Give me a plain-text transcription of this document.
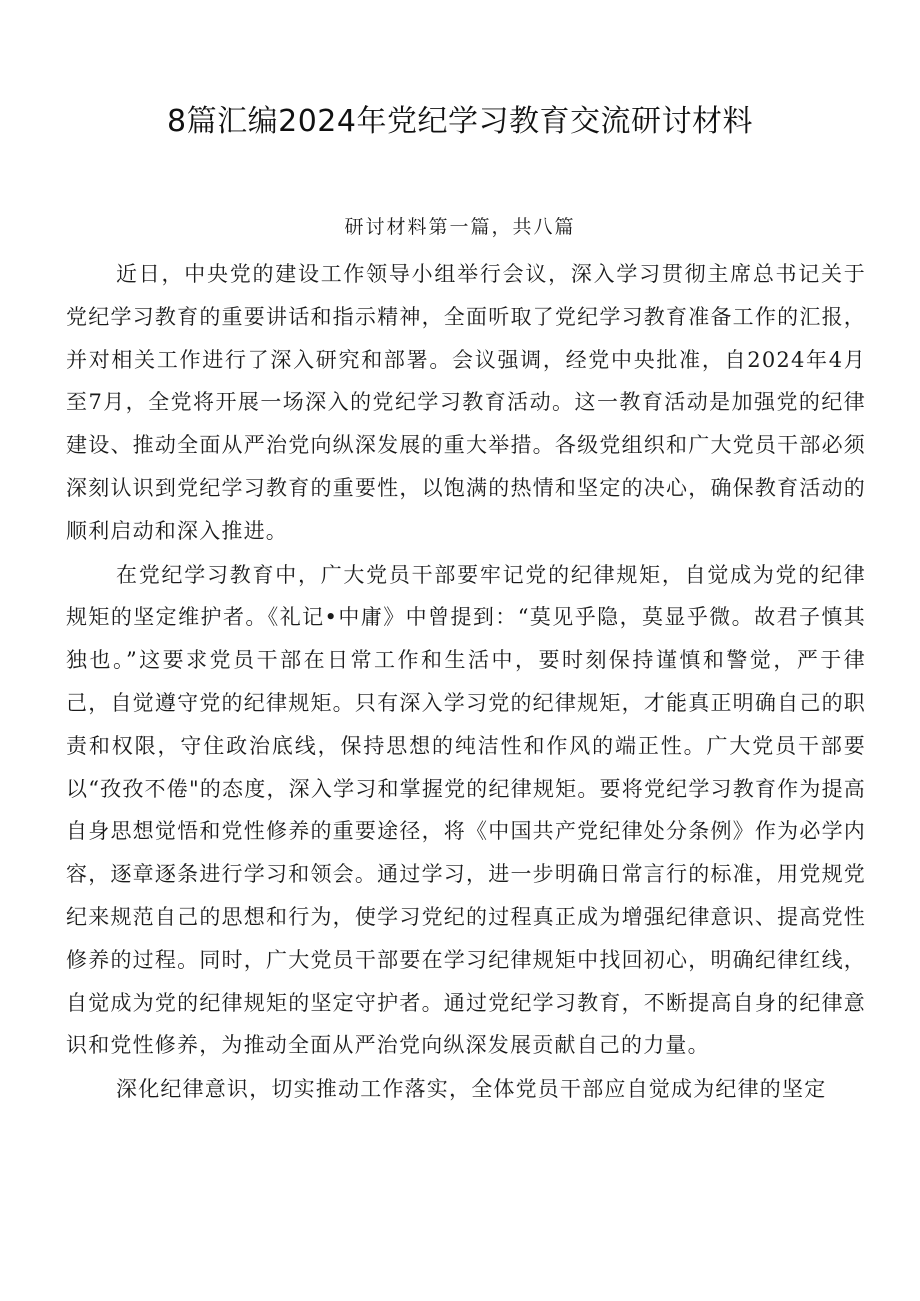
8篇汇编2024年党纪学习教育交流研讨材料
研讨材料第一篇，共八篇

近日，中央党的建设工作领导小组举行会议，深入学习贯彻主席总书记关于党纪学习教育的重要讲话和指示精神，全面听取了党纪学习教育准备工作的汇报，并对相关工作进行了深入研究和部署。会议强调，经党中央批准，自2024年4月至7月，全党将开展一场深入的党纪学习教育活动。这一教育活动是加强党的纪律建设、推动全面从严治党向纵深发展的重大举措。各级党组织和广大党员干部必须深刻认识到党纪学习教育的重要性，以饱满的热情和坚定的决心，确保教育活动的顺利启动和深入推进。

在党纪学习教育中，广大党员干部要牢记党的纪律规矩，自觉成为党的纪律规矩的坚定维护者。《礼记•中庸》中曾提到：“莫见乎隐，莫显乎微。故君子慎其独也。”这要求党员干部在日常工作和生活中，要时刻保持谨慎和警觉，严于律己，自觉遵守党的纪律规矩。只有深入学习党的纪律规矩，才能真正明确自己的职责和权限，守住政治底线，保持思想的纯洁性和作风的端正性。广大党员干部要以“孜孜不倦"的态度，深入学习和掌握党的纪律规矩。要将党纪学习教育作为提高自身思想觉悟和党性修养的重要途径，将《中国共产党纪律处分条例》作为必学内容，逐章逐条进行学习和领会。通过学习，进一步明确日常言行的标准，用党规党纪来规范自己的思想和行为，使学习党纪的过程真正成为增强纪律意识、提高党性修养的过程。同时，广大党员干部要在学习纪律规矩中找回初心，明确纪律红线，自觉成为党的纪律规矩的坚定守护者。通过党纪学习教育，不断提高自身的纪律意识和党性修养，为推动全面从严治党向纵深发展贡献自己的力量。

深化纪律意识，切实推动工作落实，全体党员干部应自觉成为纪律的坚定
